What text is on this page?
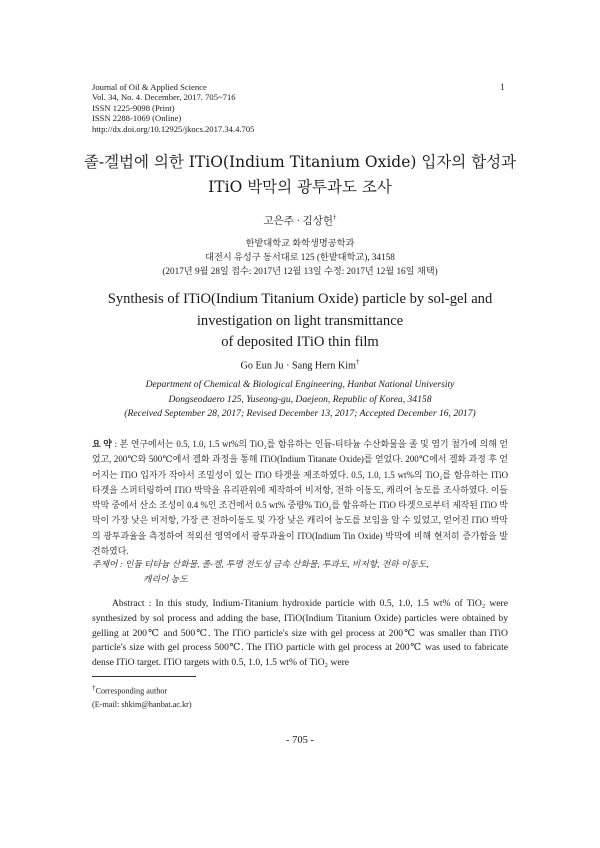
Journal of Oil & Applied Science
Vol. 34, No. 4. December, 2017. 705~716
ISSN 1225-9098 (Print)
ISSN 2288-1069 (Online)
http://dx.doi.org/10.12925/jkocs.2017.34.4.705
1
졸-겔법에 의한 ITiO(Indium Titanium Oxide) 입자의 합성과
ITiO 박막의 광투과도 조사
고은주 · 김상헌†
한밭대학교 화학생명공학과
대전시 유성구 동서대로 125 (한밭대학교), 34158
(2017년 9월 28일 접수: 2017년 12월 13일 수정: 2017년 12월 16일 채택)
Synthesis of ITiO(Indium Titanium Oxide) particle by sol-gel and
investigation on light transmittance
of deposited ITiO thin film
Go Eun Ju · Sang Hern Kim†
Department of Chemical & Biological Engineering, Hanbat National University
Dongseodaero 125, Yuseong-gu, Daejeon, Republic of Korea, 34158
(Received September 28, 2017; Revised December 13, 2017; Accepted December 16, 2017)
요 약 : 본 연구에서는 0.5, 1.0, 1.5 wt%의 TiO₂를 함유하는 인듐-티타늄 수산화물을 졸 및 염기 첨가에 의해 얻었고, 200℃와 500℃에서 겔화 과정을 통해 ITiO(Indium Titanate Oxide)를 얻었다. 200℃에서 겔화 과정 후 얻어지는 ITiO 입자가 작아서 조밀성이 있는 ITiO 타겟을 제조하였다. 0.5, 1.0, 1.5 wt%의 TiO₂를 함유하는 ITiO 타겟을 스퍼터링하여 ITiO 박막을 유리판위에 제작하여 비저항, 전하 이동도, 캐리어 농도를 조사하였다. 이들 박막 중에서 산소 조성이 0.4 %인 조건에서 0.5 wt% 중량% TiO₂를 함유하는 ITiO 타겟으로부터 제작된 ITiO 박막이 가장 낮은 비저항, 가장 큰 전하이동도 및 가장 낮은 캐리어 농도를 보임을 알 수 있었고, 얻어진 ITiO 박막의 광투과율을 측정하여 적외선 영역에서 광투과율이 ITO(Indium Tin Oxide) 박막에 비해 현저히 증가함을 발견하였다.
주제어 : 인듐 티타늄 산화물, 졸-겔, 투명 전도성 금속 산화물, 투과도, 비저항, 전하 이동도,
캐리어 농도
Abstract : In this study, Indium-Titanium hydroxide particle with 0.5, 1.0, 1.5 wt% of TiO₂ were synthesized by sol process and adding the base, ITiO(Indium Titanium Oxide) particles were obtained by gelling at 200℃ and 500℃. The ITiO particle's size with gel process at 200℃ was smaller than ITiO particle's size with gel process 500℃. The ITiO particle with gel process at 200℃ was used to fabricate dense ITiO target. ITiO targets with 0.5, 1.0, 1.5 wt% of TiO₂ were
†Corresponding author
(E-mail: shkim@hanbat.ac.kr)
- 705 -
